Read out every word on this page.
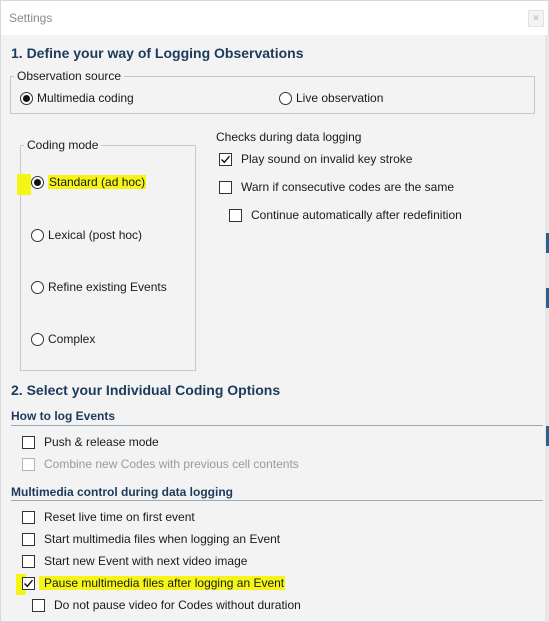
Settings	✕
1. Define your way of Logging Observations
Observation source
Multimedia coding	Live observation
Coding mode
Standard (ad hoc)
Lexical (post hoc)
Refine existing Events
Complex
Checks during data logging
Play sound on invalid key stroke
Warn if consecutive codes are the same
Continue automatically after redefinition
2. Select your Individual Coding Options
How to log Events
Push & release mode
Combine new Codes with previous cell contents
Multimedia control during data logging
Reset live time on first event
Start multimedia files when logging an Event
Start new Event with next video image
Pause multimedia files after logging an Event
Do not pause video for Codes without duration
